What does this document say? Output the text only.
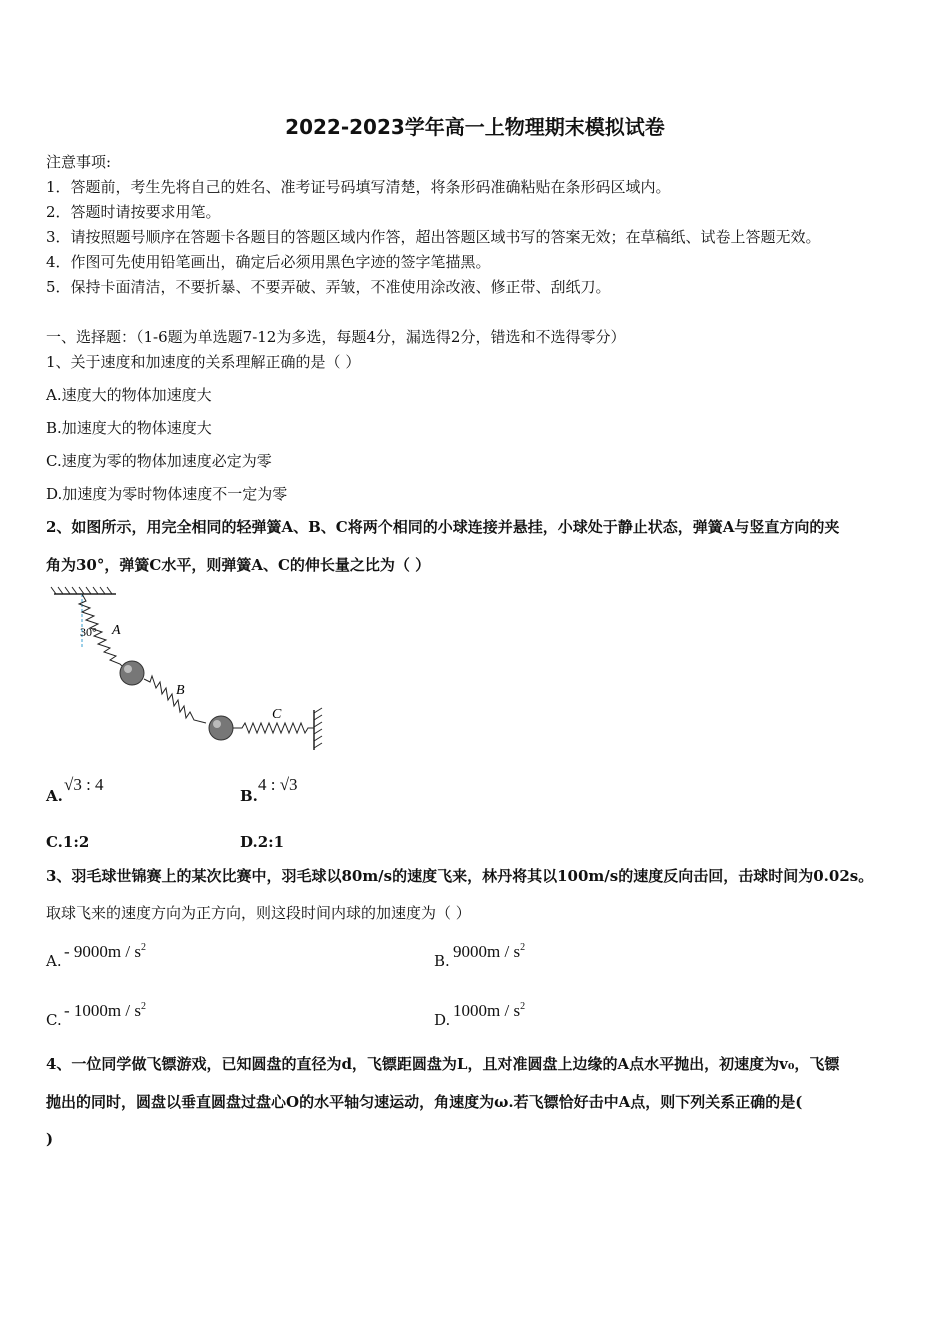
2022-2023学年高一上物理期末模拟试卷
注意事项:
1．答题前，考生先将自己的姓名、准考证号码填写清楚，将条形码准确粘贴在条形码区域内。
2．答题时请按要求用笔。
3．请按照题号顺序在答题卡各题目的答题区域内作答，超出答题区域书写的答案无效；在草稿纸、试卷上答题无效。
4．作图可先使用铅笔画出，确定后必须用黑色字迹的签字笔描黑。
5．保持卡面清洁，不要折暴、不要弄破、弄皱，不准使用涂改液、修正带、刮纸刀。
一、选择题：（1-6题为单选题7-12为多选，每题4分，漏选得2分，错选和不选得零分）
1、关于速度和加速度的关系理解正确的是（ ）
A.速度大的物体加速度大
B.加速度大的物体速度大
C.速度为零的物体加速度必定为零
D.加速度为零时物体速度不一定为零
2、如图所示，用完全相同的轻弹簧A、B、C将两个相同的小球连接并悬挂，小球处于静止状态，弹簧A与竖直方向的夹
角为30°，弹簧C水平，则弹簧A、C的伸长量之比为（ ）
30° A
B
C
A.
√3 : 4
B.
4 : √3
C.1:2	D.2:1
3、羽毛球世锦赛上的某次比赛中，羽毛球以80m/s的速度飞来，林丹将其以100m/s的速度反向击回，击球时间为0.02s。
取球飞来的速度方向为正方向，则这段时间内球的加速度为（ ）
A. - $9000m / s^2$
B. $9000m / s^2$
C. - $1000m / s^2$
D. $1000m / s^2$
4、一位同学做飞镖游戏，已知圆盘的直径为d，飞镖距圆盘为L，且对准圆盘上边缘的A点水平抛出，初速度为v₀，飞镖
抛出的同时，圆盘以垂直圆盘过盘心O的水平轴匀速运动，角速度为ω.若飞镖恰好击中A点，则下列关系正确的是(
)
